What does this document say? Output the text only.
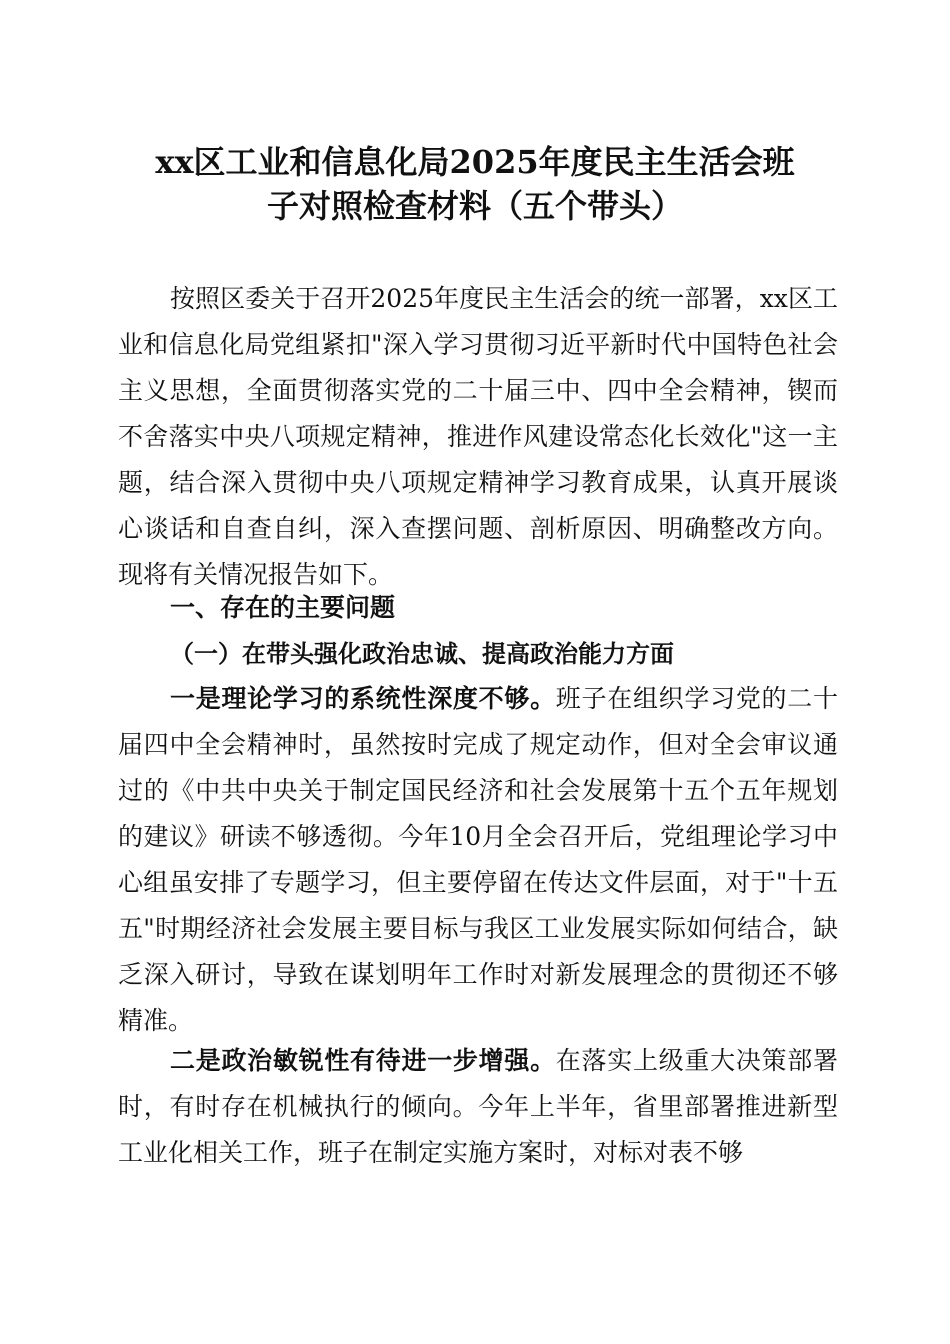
xx区工业和信息化局2025年度民主生活会班
子对照检查材料（五个带头）

按照区委关于召开2025年度民主生活会的统一部署，xx区工业和信息化局党组紧扣"深入学习贯彻习近平新时代中国特色社会主义思想，全面贯彻落实党的二十届三中、四中全会精神，锲而不舍落实中央八项规定精神，推进作风建设常态化长效化"这一主题，结合深入贯彻中央八项规定精神学习教育成果，认真开展谈心谈话和自查自纠，深入查摆问题、剖析原因、明确整改方向。现将有关情况报告如下。

一、存在的主要问题
（一）在带头强化政治忠诚、提高政治能力方面

一是理论学习的系统性深度不够。班子在组织学习党的二十届四中全会精神时，虽然按时完成了规定动作，但对全会审议通过的《中共中央关于制定国民经济和社会发展第十五个五年规划的建议》研读不够透彻。今年10月全会召开后，党组理论学习中心组虽安排了专题学习，但主要停留在传达文件层面，对于"十五五"时期经济社会发展主要目标与我区工业发展实际如何结合，缺乏深入研讨，导致在谋划明年工作时对新发展理念的贯彻还不够精准。

二是政治敏锐性有待进一步增强。在落实上级重大决策部署时，有时存在机械执行的倾向。今年上半年，省里部署推进新型工业化相关工作，班子在制定实施方案时，对标对表不够
